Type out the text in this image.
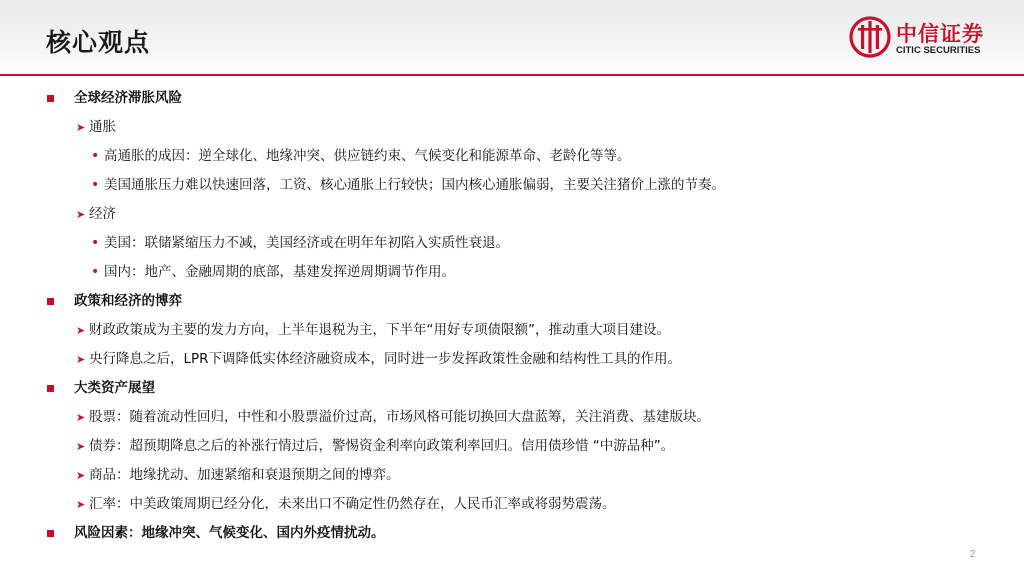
核心观点	中信证券
CITIC SECURITIES
全球经济滞胀风险
➤ 通胀
• 高通胀的成因：逆全球化、地缘冲突、供应链约束、气候变化和能源革命、老龄化等等。
• 美国通胀压力难以快速回落，工资、核心通胀上行较快；国内核心通胀偏弱，主要关注猪价上涨的节奏。
➤ 经济
• 美国：联储紧缩压力不减，美国经济或在明年年初陷入实质性衰退。
• 国内：地产、金融周期的底部，基建发挥逆周期调节作用。
政策和经济的博弈
➤ 财政政策成为主要的发力方向，上半年退税为主，下半年“用好专项债限额”，推动重大项目建设。
➤ 央行降息之后，LPR下调降低实体经济融资成本，同时进一步发挥政策性金融和结构性工具的作用。
大类资产展望
➤ 股票：随着流动性回归，中性和小股票溢价过高，市场风格可能切换回大盘蓝筹，关注消费、基建版块。
➤ 债券：超预期降息之后的补涨行情过后，警惕资金利率向政策利率回归。信用债珍惜 “中游品种”。
➤ 商品：地缘扰动、加速紧缩和衰退预期之间的博弈。
➤ 汇率：中美政策周期已经分化，未来出口不确定性仍然存在，人民币汇率或将弱势震荡。
风险因素：地缘冲突、气候变化、国内外疫情扰动。
2
